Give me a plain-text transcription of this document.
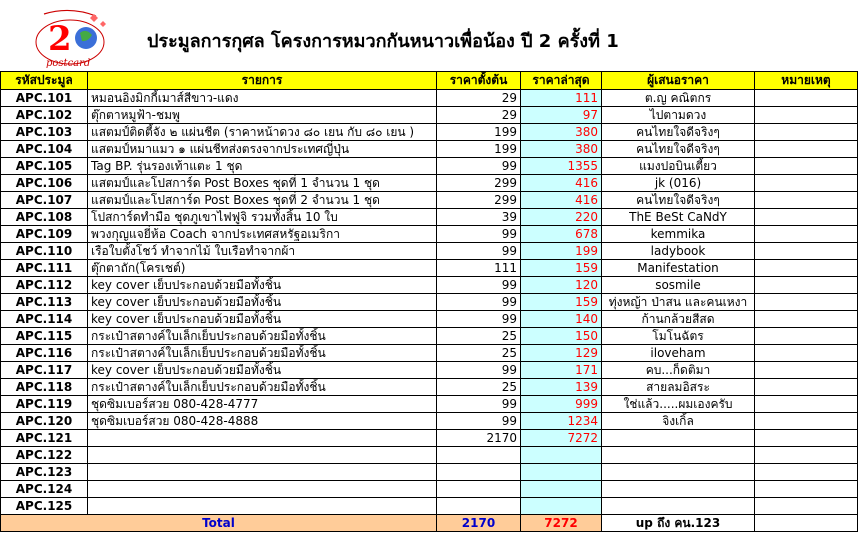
2
postcard
ประมูลการกุศล โครงการหมวกกันหนาวเพื่อน้อง ปี 2 ครั้งที่ 1
รหัสประมูล	รายการ	ราคาตั้งต้น	ราคาล่าสุด	ผู้เสนอราคา	หมายเหตุ
APC.101	หมอนอิงมิกกี้เมาส์สีขาว-แดง	29	111	ต.ญ คณิตกร	
APC.102	ตุ๊กตาหมูฟ้า-ชมพู	29	97	ไปตามดวง	
APC.103	แสตมป์ติดตี้จัง ๒ แผ่นชีต (ราคาหน้าดวง ๘๐ เยน กับ ๘๐ เยน )	199	380	คนไทยใจดีจริงๆ	
APC.104	แสตมป์หมาแมว ๑ แผ่นชีทส่งตรงจากประเทศญี่ปุ่น	199	380	คนไทยใจดีจริงๆ	
APC.105	Tag BP. รุ่นรองเท้าแตะ 1 ชุด	99	1355	แมงปอบินเตี้ยว	
APC.106	แสตมป์และโปสการ์ด Post Boxes ชุดที่ 1 จำนวน 1 ชุด	299	416	jk (016)	
APC.107	แสตมป์และโปสการ์ด Post Boxes ชุดที่ 2 จำนวน 1 ชุด	299	416	คนไทยใจดีจริงๆ	
APC.108	โปสการ์ดทำมือ ชุดภูเขาไฟฟูจิ รวมทั้งสิ้น 10 ใบ	39	220	ThE BeSt CaNdY	
APC.109	พวงกุญแจยี่ห้อ Coach จากประเทศสหรัฐอเมริกา	99	678	kemmika	
APC.110	เรือใบตั้งโชว์ ทำจากไม้ ใบเรือทำจากผ้า	99	199	ladybook	
APC.111	ตุ๊กตาถัก(โครเชต์)	111	159	Manifestation	
APC.112	key cover เย็บประกอบด้วยมือทั้งชิ้น	99	120	sosmile	
APC.113	key cover เย็บประกอบด้วยมือทั้งชิ้น	99	159	ทุ่งหญ้า ป่าสน และคนเหงา	
APC.114	key cover เย็บประกอบด้วยมือทั้งชิ้น	99	140	ก้านกล้วยสีสด	
APC.115	กระเป๋าสตางค์ใบเล็กเย็บประกอบด้วยมือทั้งชิ้น	25	150	โมโนฉัตร	
APC.116	กระเป๋าสตางค์ใบเล็กเย็บประกอบด้วยมือทั้งชิ้น	25	129	iloveham	
APC.117	key cover เย็บประกอบด้วยมือทั้งชิ้น	99	171	คบ...ก็ดติมา	
APC.118	กระเป๋าสตางค์ใบเล็กเย็บประกอบด้วยมือทั้งชิ้น	25	139	สายลมอิสระ	
APC.119	ชุดซิมเบอร์สวย 080-428-4777	99	999	ใช่แล้ว.....ผมเองครับ	
APC.120	ชุดซิมเบอร์สวย 080-428-4888	99	1234	จิงเกิ้ล	
APC.121		2170	7272		
APC.122					
APC.123					
APC.124					
APC.125					
Total		2170	7272	up ถึง คน.123	
